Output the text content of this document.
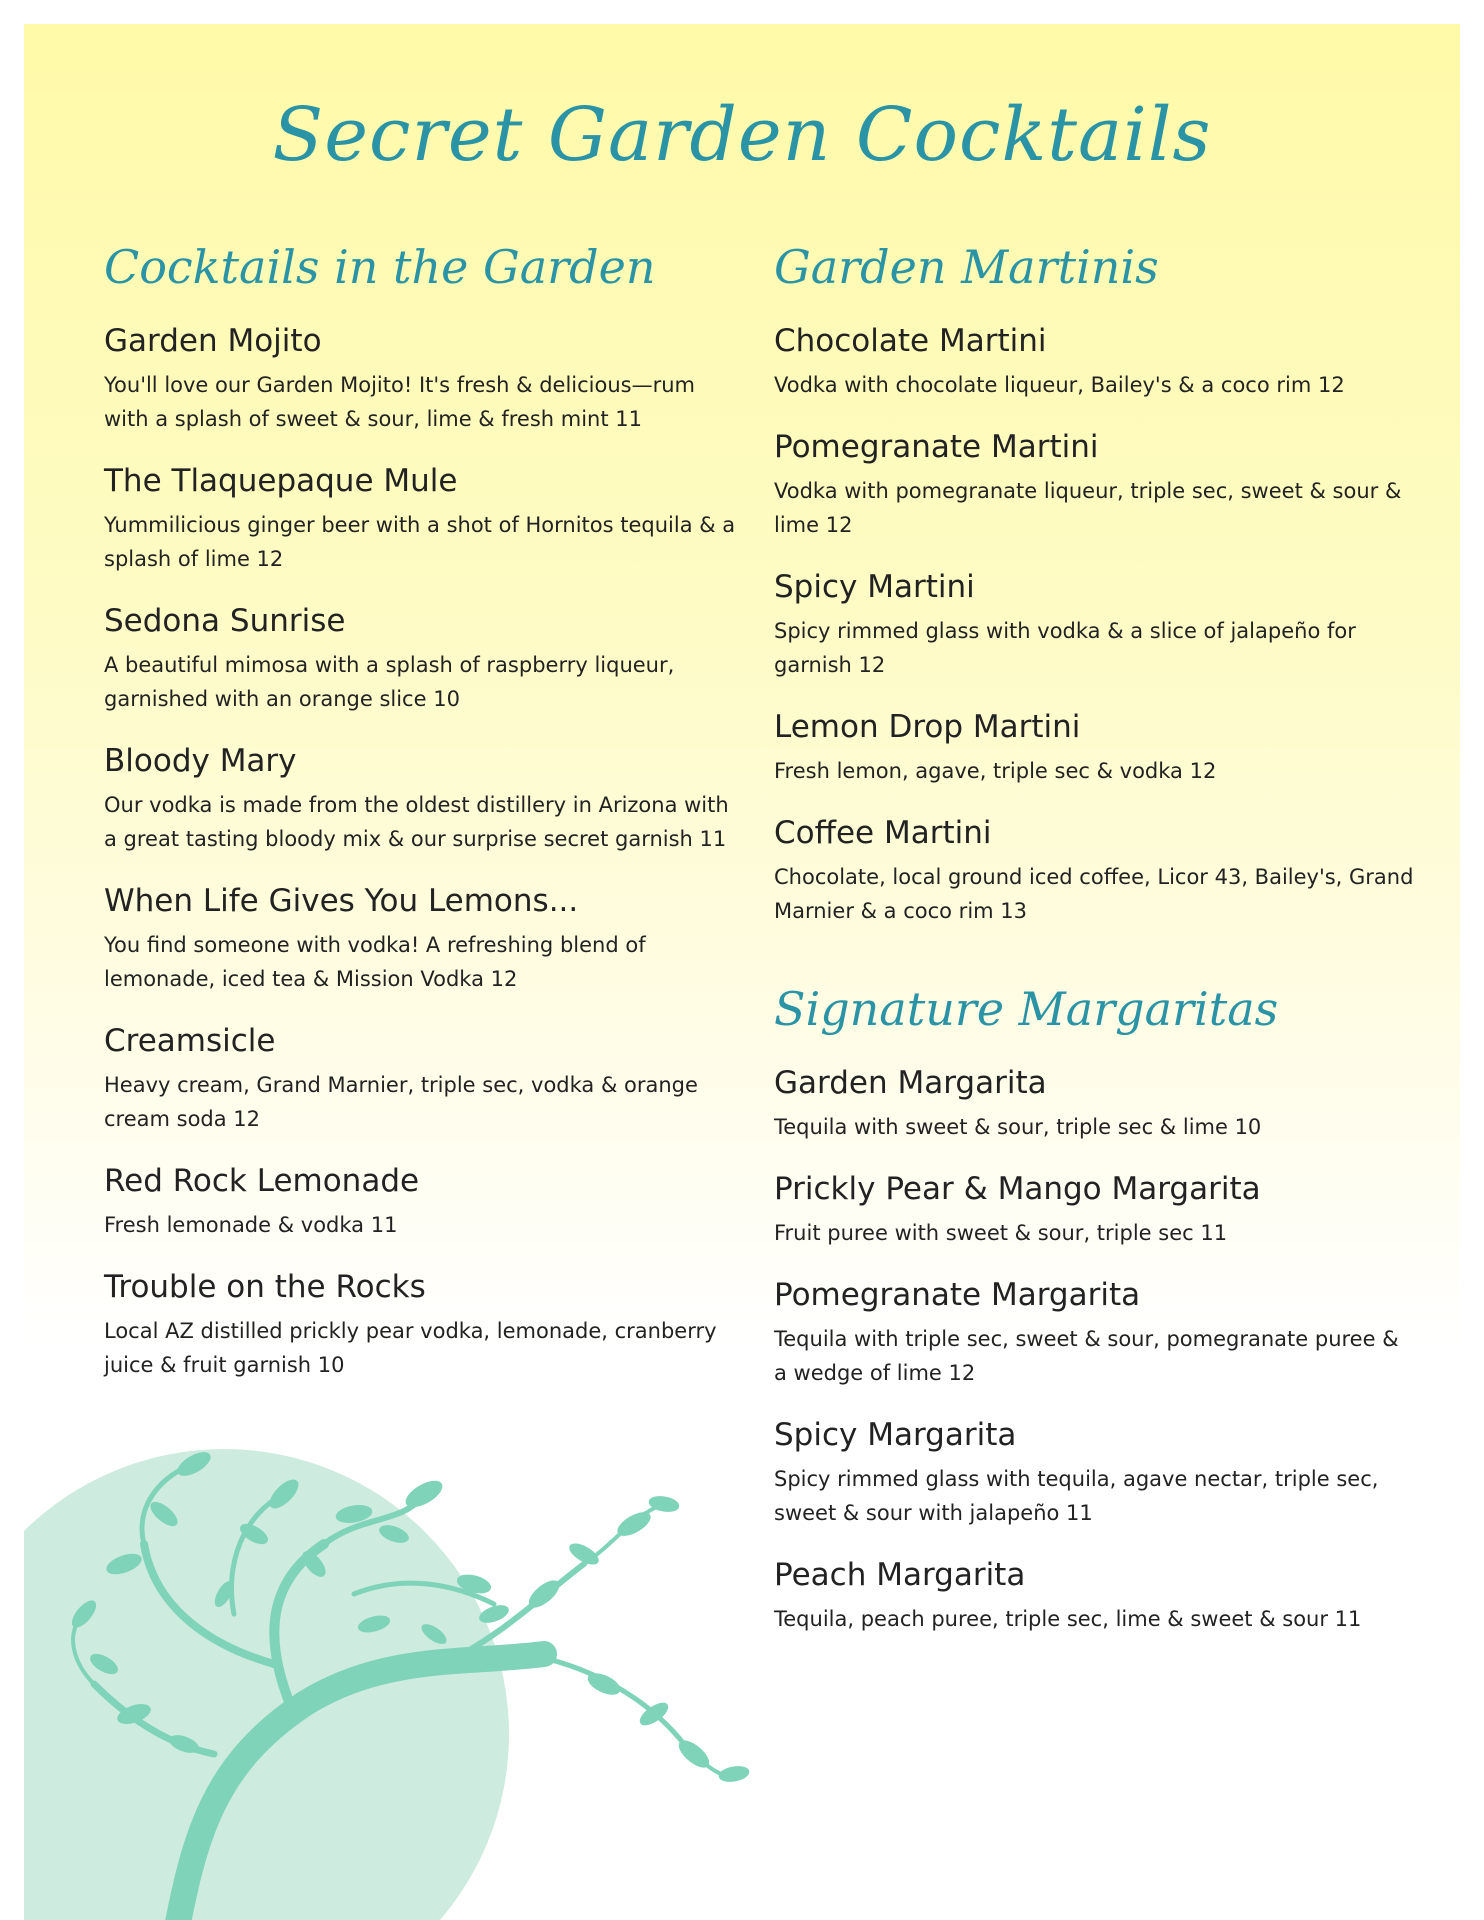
Secret Garden Cocktails
Cocktails in the Garden
Garden Mojito

You'll love our Garden Mojito! It's fresh & delicious—rum with a splash of sweet & sour, lime & fresh mint 11

The Tlaquepaque Mule

Yummilicious ginger beer with a shot of Hornitos tequila & a splash of lime 12

Sedona Sunrise

A beautiful mimosa with a splash of raspberry liqueur, garnished with an orange slice 10

Bloody Mary

Our vodka is made from the oldest distillery in Arizona with a great tasting bloody mix & our surprise secret garnish 11

When Life Gives You Lemons...

You find someone with vodka! A refreshing blend of lemonade, iced tea & Mission Vodka 12

Creamsicle

Heavy cream, Grand Marnier, triple sec, vodka & orange cream soda 12

Red Rock Lemonade

Fresh lemonade & vodka 11

Trouble on the Rocks

Local AZ distilled prickly pear vodka, lemonade, cranberry juice & fruit garnish 10

Garden Martinis
Chocolate Martini

Vodka with chocolate liqueur, Bailey's & a coco rim 12

Pomegranate Martini

Vodka with pomegranate liqueur, triple sec, sweet & sour & lime 12

Spicy Martini

Spicy rimmed glass with vodka & a slice of jalapeño for garnish 12

Lemon Drop Martini

Fresh lemon, agave, triple sec & vodka 12

Coffee Martini

Chocolate, local ground iced coffee, Licor 43, Bailey's, Grand Marnier & a coco rim 13

Signature Margaritas
Garden Margarita

Tequila with sweet & sour, triple sec & lime 10

Prickly Pear & Mango Margarita

Fruit puree with sweet & sour, triple sec 11

Pomegranate Margarita

Tequila with triple sec, sweet & sour, pomegranate puree & a wedge of lime 12

Spicy Margarita

Spicy rimmed glass with tequila, agave nectar, triple sec, sweet & sour with jalapeño 11

Peach Margarita

Tequila, peach puree, triple sec, lime & sweet & sour 11
